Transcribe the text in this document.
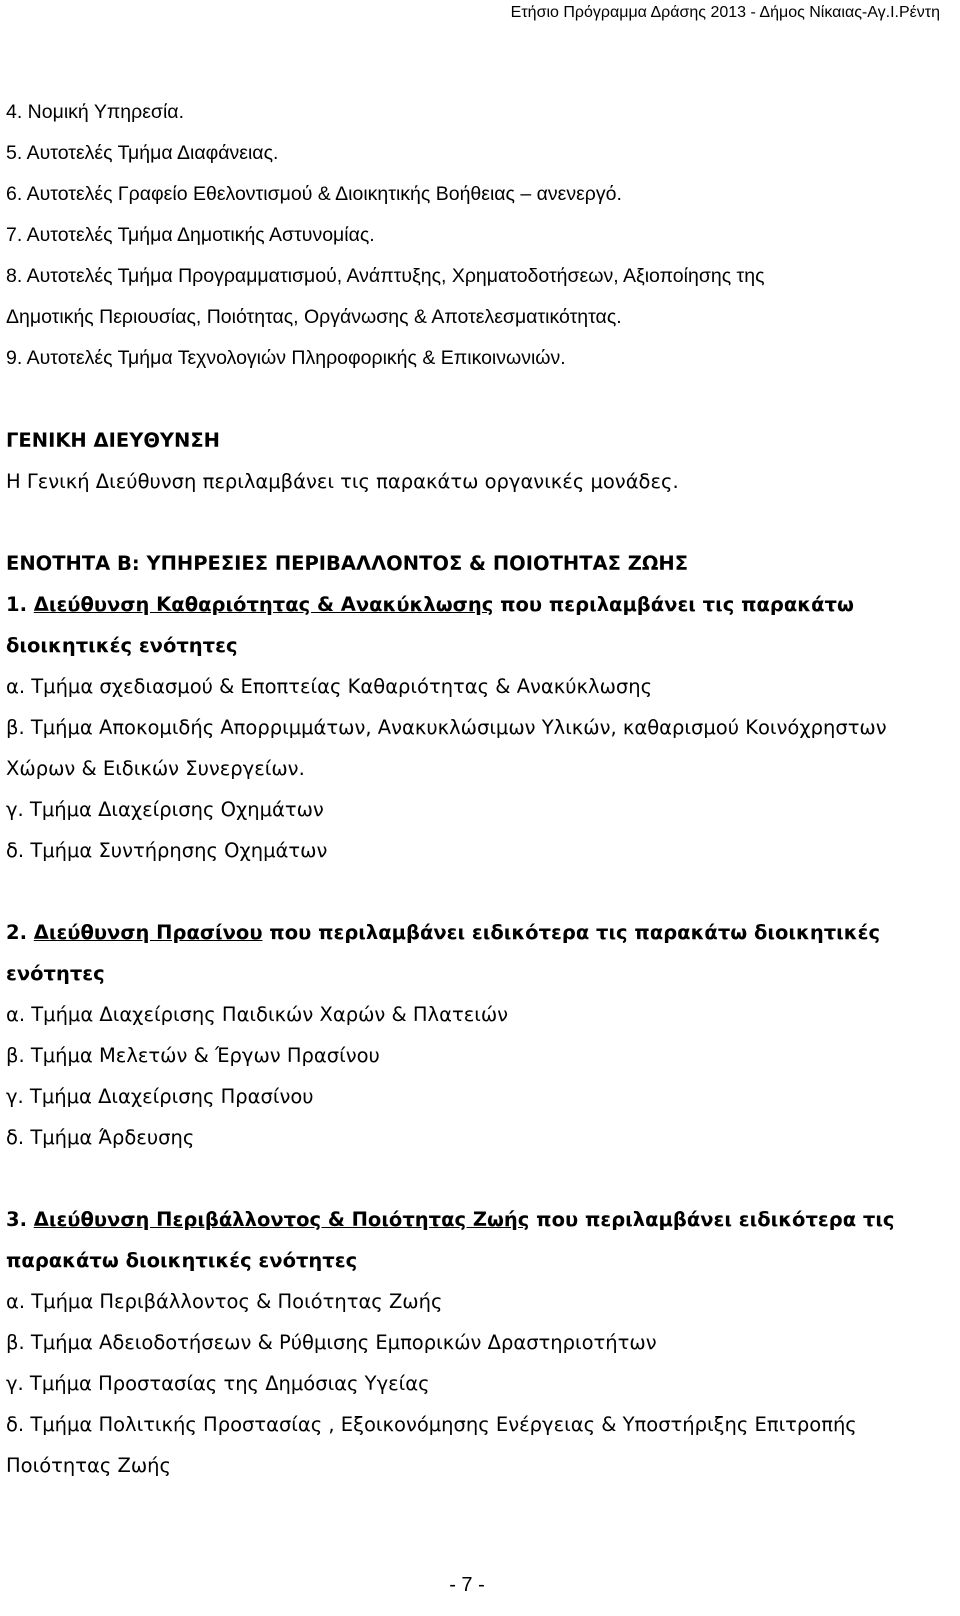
Ετήσιο Πρόγραμμα Δράσης 2013 - Δήμος Νίκαιας-Αγ.Ι.Ρέντη
4. Νομική Υπηρεσία.
5. Αυτοτελές Τμήμα Διαφάνειας.
6. Αυτοτελές Γραφείο Εθελοντισμού & Διοικητικής Βοήθειας – ανενεργό.
7. Αυτοτελές Τμήμα Δημοτικής Αστυνομίας.
8. Αυτοτελές Τμήμα Προγραμματισμού, Ανάπτυξης, Χρηματοδοτήσεων, Αξιοποίησης της
Δημοτικής Περιουσίας, Ποιότητας, Οργάνωσης & Αποτελεσματικότητας.
9. Αυτοτελές Τμήμα Τεχνολογιών Πληροφορικής & Επικοινωνιών.
ΓΕΝΙΚΗ ΔΙΕΥΘΥΝΣΗ
Η Γενική Διεύθυνση περιλαμβάνει τις παρακάτω οργανικές μονάδες.
ΕΝΟΤΗΤΑ Β: ΥΠΗΡΕΣΙΕΣ ΠΕΡΙΒΑΛΛΟΝΤΟΣ & ΠΟΙΟΤΗΤΑΣ ΖΩΗΣ
1. Διεύθυνση Καθαριότητας & Ανακύκλωσης που περιλαμβάνει τις παρακάτω
διοικητικές ενότητες
α. Τμήμα σχεδιασμού & Εποπτείας Καθαριότητας & Ανακύκλωσης
β. Τμήμα Αποκομιδής Απορριμμάτων, Ανακυκλώσιμων Υλικών, καθαρισμού Κοινόχρηστων
Χώρων & Ειδικών Συνεργείων.
γ. Τμήμα Διαχείρισης Οχημάτων
δ. Τμήμα Συντήρησης Οχημάτων
2. Διεύθυνση Πρασίνου που περιλαμβάνει ειδικότερα τις παρακάτω διοικητικές
ενότητες
α. Τμήμα Διαχείρισης Παιδικών Χαρών & Πλατειών
β. Τμήμα Μελετών & Έργων Πρασίνου
γ. Τμήμα Διαχείρισης Πρασίνου
δ. Τμήμα Άρδευσης
3. Διεύθυνση Περιβάλλοντος & Ποιότητας Ζωής που περιλαμβάνει ειδικότερα τις
παρακάτω διοικητικές ενότητες
α. Τμήμα Περιβάλλοντος & Ποιότητας Ζωής
β. Τμήμα Αδειοδοτήσεων & Ρύθμισης Εμπορικών Δραστηριοτήτων
γ. Τμήμα Προστασίας της Δημόσιας Υγείας
δ. Τμήμα Πολιτικής Προστασίας , Εξοικονόμησης Ενέργειας & Υποστήριξης Επιτροπής
Ποιότητας Ζωής
- 7 -
